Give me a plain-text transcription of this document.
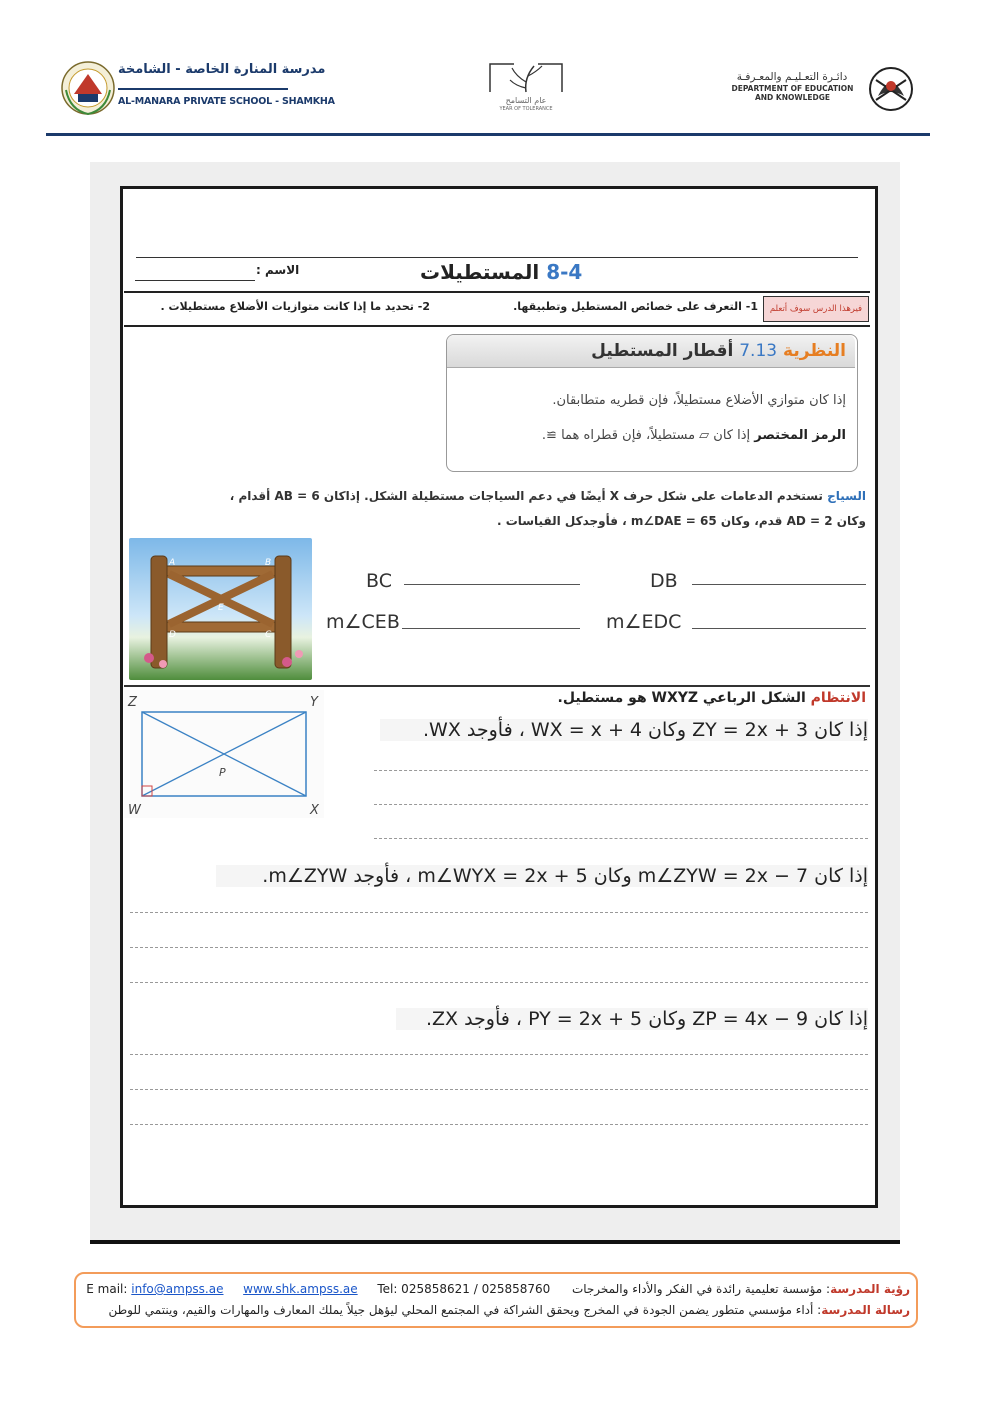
مدرسة المنارة الخاصة - الشامخة
AL-MANARA PRIVATE SCHOOL - SHAMKHA	عام التسامح
YEAR OF TOLERANCE
دائـرة التعـليـم والمعـرفـة
DEPARTMENT OF EDUCATION
AND KNOWLEDGE
8-4 المستطيلات
الاسم :
فيرهذا الدرس سوف أتعلم
1- التعرف على خصائص المستطيل وتطبيقها.
2- تحديد ما إذا كانت متوازيات الأضلاع مستطيلات .
النظرية 7.13 أقطار المستطيل
إذا كان متوازي الأضلاع مستطيلاً، فإن قطريه متطابقان.
الرمز المختصر إذا كان ▱ مستطيلاً، فإن قطراه هما ≅.
السياج تستخدم الدعامات على شكل حرف X أيضًا في دعم السياجات مستطيلة الشكل. إذاكان AB = 6 أقدام ،
وكان AD = 2 قدم، وكان m∠DAE = 65 ، فأوجدكل القياسات .
A	B
C
D
E
BC
m∠CEB
DB
m∠EDC
Z	Y
W	X
P
الانتظام الشكل الرباعي WXYZ هو مستطيل.
إذا كان ZY = 2x + 3 وكان WX = x + 4 ، فأوجد WX.
إذا كان m∠ZYW = 2x − 7 وكان m∠WYX = 2x + 5 ، فأوجد m∠ZYW.
إذا كان ZP = 4x − 9 وكان PY = 2x + 5 ، فأوجد ZX.
رؤية المدرسة: مؤسسة تعليمية رائدة في الفكر والأداء والمخرجات  Tel: 025858621 / 025858760  www.shk.ampss.ae  E mail: info@ampss.ae
رسالة المدرسة: أداء مؤسسي متطور يضمن الجودة في المخرج ويحقق الشراكة في المجتمع المحلي ليؤهل جيلاً يملك المعارف والمهارات والقيم، وينتمي للوطن
